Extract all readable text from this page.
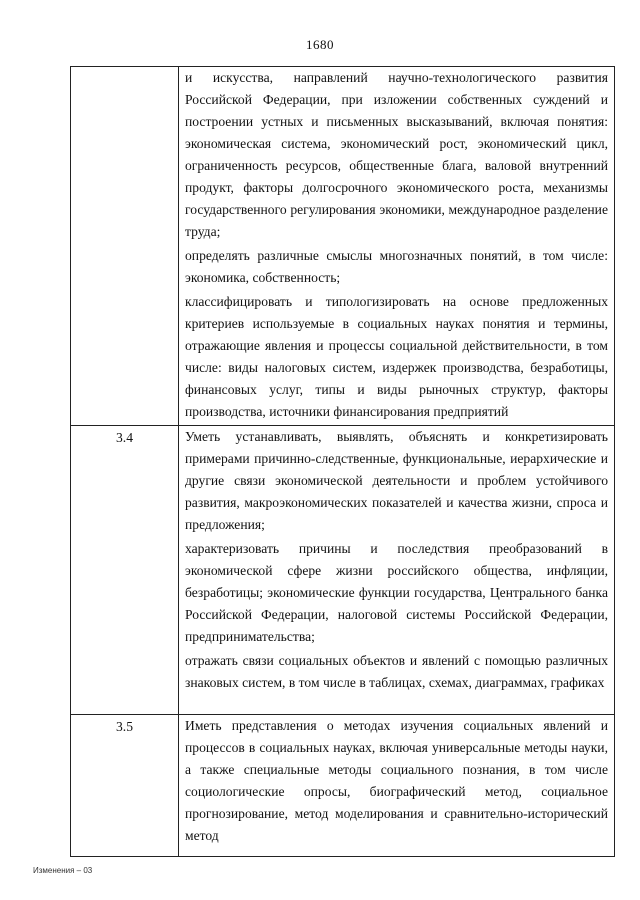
1680

	и искусства, направлений научно-технологического развития Российской Федерации, при изложении собственных суждений и построении устных и письменных высказываний, включая понятия: экономическая система, экономический рост, экономический цикл, ограниченность ресурсов, общественные блага, валовой внутренний продукт, факторы долгосрочного экономического роста, механизмы государственного регулирования экономики, международное разделение труда;

определять различные смыслы многозначных понятий, в том числе: экономика, собственность;

классифицировать и типологизировать на основе предложенных критериев используемые в социальных науках понятия и термины, отражающие явления и процессы социальной действительности, в том числе: виды налоговых систем, издержек производства, безработицы, финансовых услуг, типы и виды рыночных структур, факторы производства, источники финансирования предприятий

3.4	Уметь устанавливать, выявлять, объяснять и конкретизировать примерами причинно-следственные, функциональные, иерархические и другие связи экономической деятельности и проблем устойчивого развития, макроэкономических показателей и качества жизни, спроса и предложения;

характеризовать причины и последствия преобразований в экономической сфере жизни российского общества, инфляции, безработицы; экономические функции государства, Центрального банка Российской Федерации, налоговой системы Российской Федерации, предпринимательства;

отражать связи социальных объектов и явлений с помощью различных знаковых систем, в том числе в таблицах, схемах, диаграммах, графиках

3.5	Иметь представления о методах изучения социальных явлений и процессов в социальных науках, включая универсальные методы науки, а также специальные методы социального познания, в том числе социологические опросы, биографический метод, социальное прогнозирование, метод моделирования и сравнительно-исторический метод

Изменения – 03
